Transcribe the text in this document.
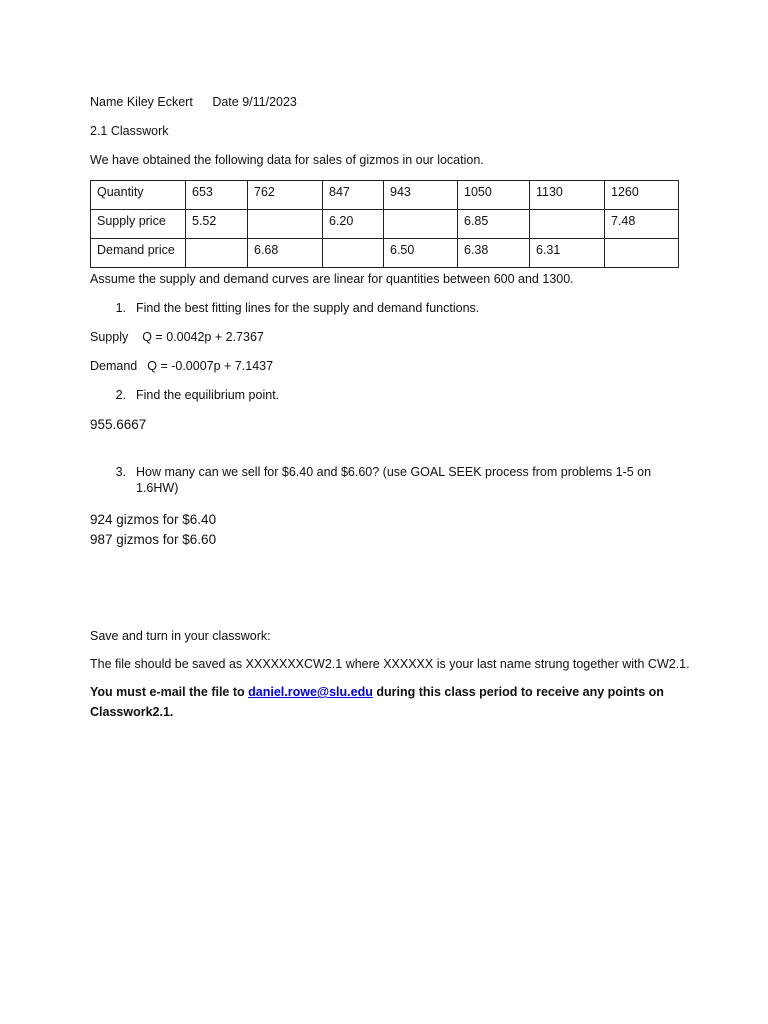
Name Kiley Eckert Date 9/11/2023
2.1 Classwork
We have obtained the following data for sales of gizmos in our location.
Quantity	653	762	847	943	1050	1130	1260
Supply price	5.52		6.20		6.85		7.48
Demand price		6.68		6.50	6.38	6.31	
Assume the supply and demand curves are linear for quantities between 600 and 1300.
1. Find the best fitting lines for the supply and demand functions.
Supply Q = 0.0042p + 2.7367
Demand Q = -0.0007p + 7.1437
2. Find the equilibrium point.
955.6667
3. How many can we sell for $6.40 and $6.60? (use GOAL SEEK process from problems 1-5 on 1.6HW)
924 gizmos for $6.40
987 gizmos for $6.60
Save and turn in your classwork:
The file should be saved as XXXXXXXCW2.1 where XXXXXX is your last name strung together with CW2.1.
You must e-mail the file to daniel.rowe@slu.edu during this class period to receive any points on
Classwork2.1.
